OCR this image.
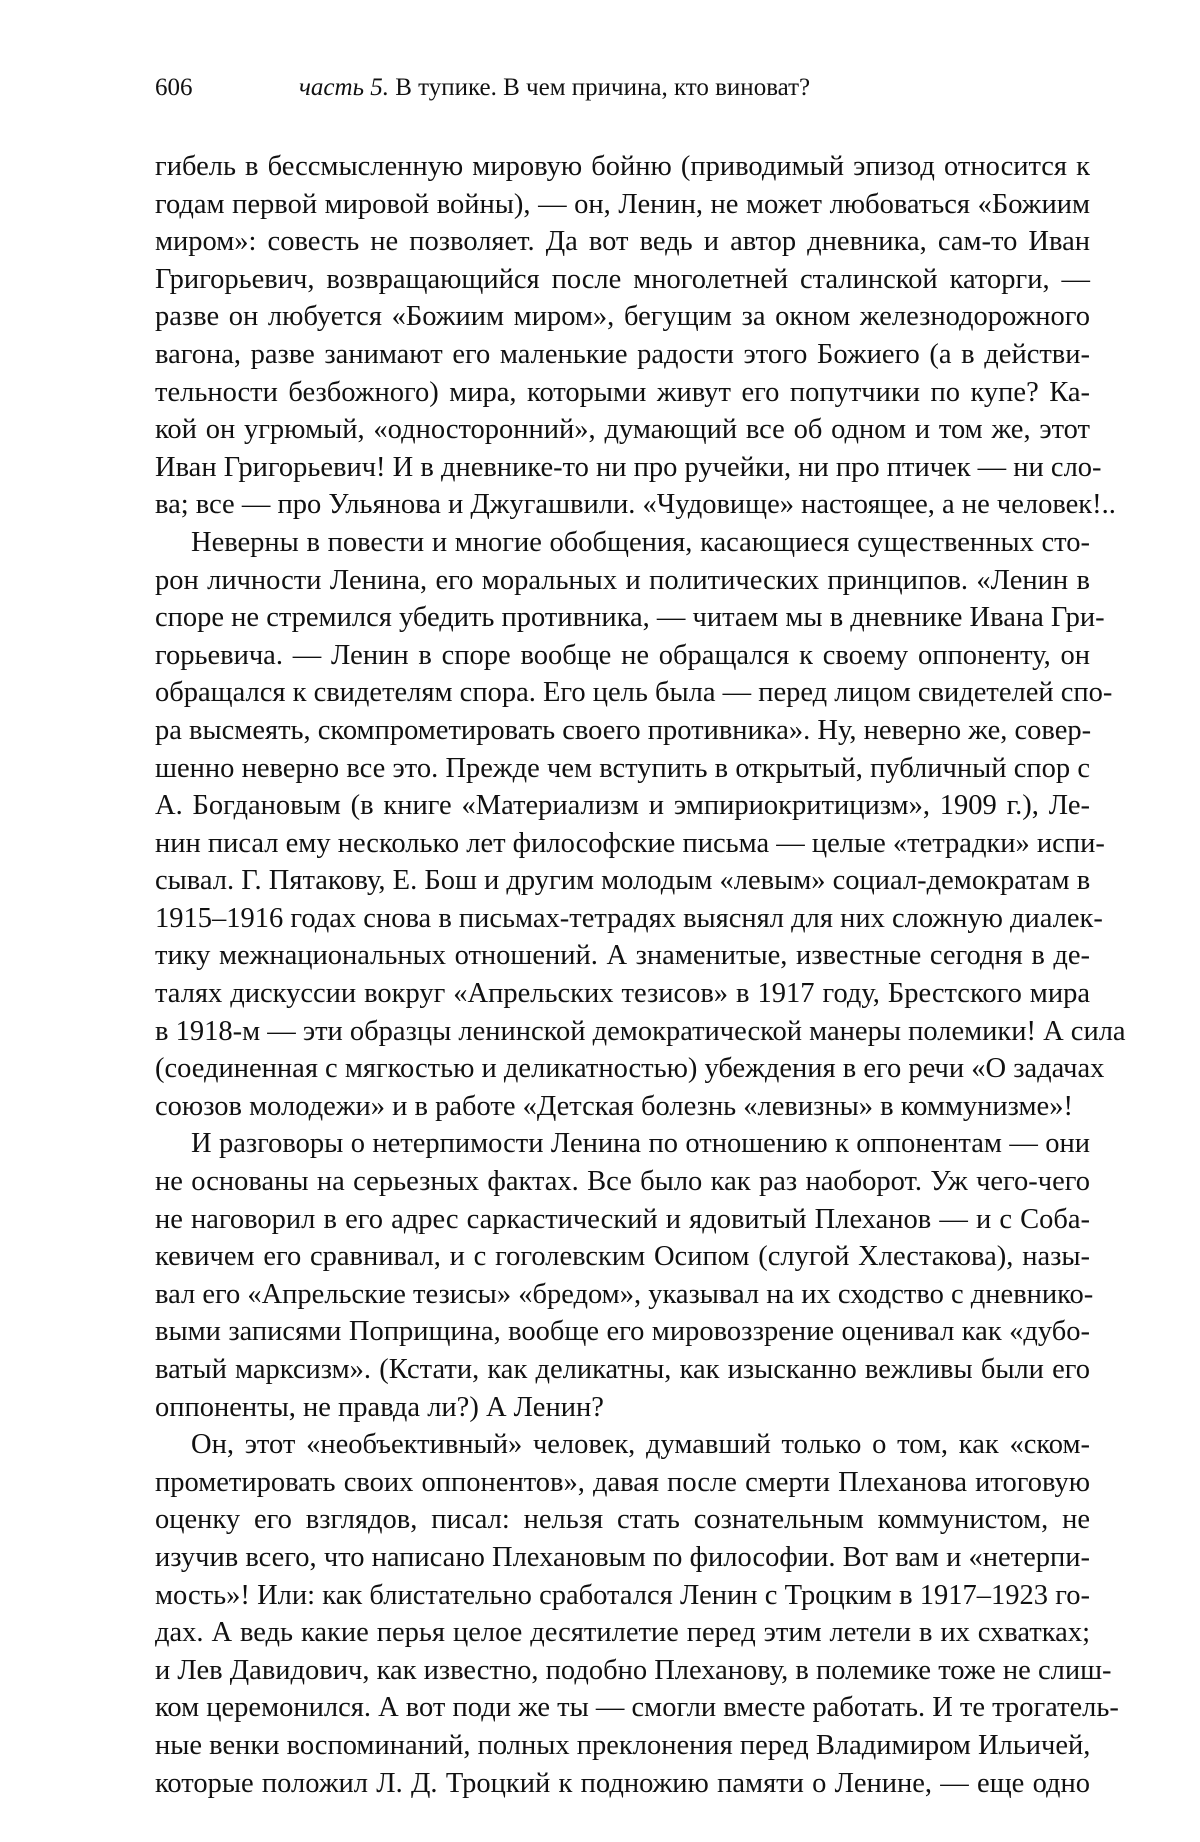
606	часть 5. В тупике. В чем причина, кто виноват?
гибель в бессмысленную мировую бойню (приводимый эпизод относится к
годам первой мировой войны), — он, Ленин, не может любоваться «Божиим
миром»: совесть не позволяет. Да вот ведь и автор дневника, сам-то Иван
Григорьевич, возвращающийся после многолетней сталинской каторги, —
разве он любуется «Божиим миром», бегущим за окном железнодорожного
вагона, разве занимают его маленькие радости этого Божиего (а в действи-
тельности безбожного) мира, которыми живут его попутчики по купе? Ка-
кой он угрюмый, «односторонний», думающий все об одном и том же, этот
Иван Григорьевич! И в дневнике-то ни про ручейки, ни про птичек — ни сло-
ва; все — про Ульянова и Джугашвили. «Чудовище» настоящее, а не человек!..
Неверны в повести и многие обобщения, касающиеся существенных сто-
рон личности Ленина, его моральных и политических принципов. «Ленин в
споре не стремился убедить противника, — читаем мы в дневнике Ивана Гри-
горьевича. — Ленин в споре вообще не обращался к своему оппоненту, он
обращался к свидетелям спора. Его цель была — перед лицом свидетелей спо-
ра высмеять, скомпрометировать своего противника». Ну, неверно же, совер-
шенно неверно все это. Прежде чем вступить в открытый, публичный спор с
А. Богдановым (в книге «Материализм и эмпириокритицизм», 1909 г.), Ле-
нин писал ему несколько лет философские письма — целые «тетрадки» испи-
сывал. Г. Пятакову, Е. Бош и другим молодым «левым» социал-демократам в
1915–1916 годах снова в письмах-тетрадях выяснял для них сложную диалек-
тику межнациональных отношений. А знаменитые, известные сегодня в де-
талях дискуссии вокруг «Апрельских тезисов» в 1917 году, Брестского мира
в 1918-м — эти образцы ленинской демократической манеры полемики! А сила
(соединенная с мягкостью и деликатностью) убеждения в его речи «О задачах
союзов молодежи» и в работе «Детская болезнь «левизны» в коммунизме»!
И разговоры о нетерпимости Ленина по отношению к оппонентам — они
не основаны на серьезных фактах. Все было как раз наоборот. Уж чего-чего
не наговорил в его адрес саркастический и ядовитый Плеханов — и с Соба-
кевичем его сравнивал, и с гоголевским Осипом (слугой Хлестакова), назы-
вал его «Апрельские тезисы» «бредом», указывал на их сходство с дневнико-
выми записями Поприщина, вообще его мировоззрение оценивал как «дубо-
ватый марксизм». (Кстати, как деликатны, как изысканно вежливы были его
оппоненты, не правда ли?) А Ленин?
Он, этот «необъективный» человек, думавший только о том, как «ском-
прометировать своих оппонентов», давая после смерти Плеханова итоговую
оценку его взглядов, писал: нельзя стать сознательным коммунистом, не
изучив всего, что написано Плехановым по философии. Вот вам и «нетерпи-
мость»! Или: как блистательно сработался Ленин с Троцким в 1917–1923 го-
дах. А ведь какие перья целое десятилетие перед этим летели в их схватках;
и Лев Давидович, как известно, подобно Плеханову, в полемике тоже не слиш-
ком церемонился. А вот поди же ты — смогли вместе работать. И те трогатель-
ные венки воспоминаний, полных преклонения перед Владимиром Ильичей,
которые положил Л. Д. Троцкий к подножию памяти о Ленине, — еще одно
